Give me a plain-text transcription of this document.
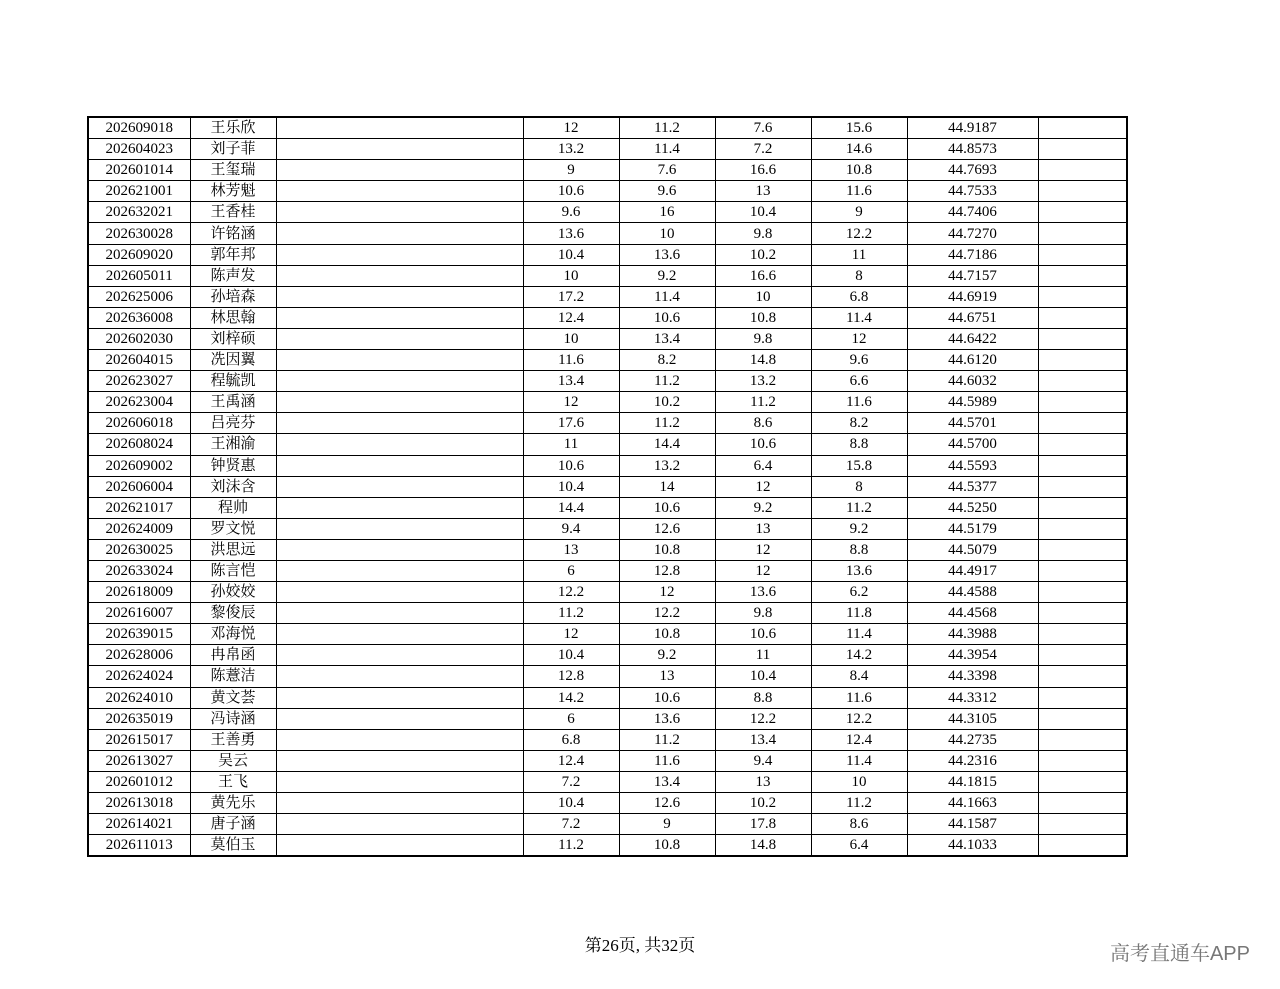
202609018	王乐欣		12	11.2	7.6	15.6	44.9187	
202604023	刘子菲		13.2	11.4	7.2	14.6	44.8573	
202601014	王玺瑞		9	7.6	16.6	10.8	44.7693	
202621001	林芳魁		10.6	9.6	13	11.6	44.7533	
202632021	王香桂		9.6	16	10.4	9	44.7406	
202630028	许铭涵		13.6	10	9.8	12.2	44.7270	
202609020	郭年邦		10.4	13.6	10.2	11	44.7186	
202605011	陈声发		10	9.2	16.6	8	44.7157	
202625006	孙培森		17.2	11.4	10	6.8	44.6919	
202636008	林思翰		12.4	10.6	10.8	11.4	44.6751	
202602030	刘梓硕		10	13.4	9.8	12	44.6422	
202604015	冼因翼		11.6	8.2	14.8	9.6	44.6120	
202623027	程毓凯		13.4	11.2	13.2	6.6	44.6032	
202623004	王禹涵		12	10.2	11.2	11.6	44.5989	
202606018	吕亮芬		17.6	11.2	8.6	8.2	44.5701	
202608024	王湘渝		11	14.4	10.6	8.8	44.5700	
202609002	钟贤惠		10.6	13.2	6.4	15.8	44.5593	
202606004	刘沫含		10.4	14	12	8	44.5377	
202621017	程帅		14.4	10.6	9.2	11.2	44.5250	
202624009	罗文悦		9.4	12.6	13	9.2	44.5179	
202630025	洪思远		13	10.8	12	8.8	44.5079	
202633024	陈言恺		6	12.8	12	13.6	44.4917	
202618009	孙姣姣		12.2	12	13.6	6.2	44.4588	
202616007	黎俊辰		11.2	12.2	9.8	11.8	44.4568	
202639015	邓海悦		12	10.8	10.6	11.4	44.3988	
202628006	冉帛函		10.4	9.2	11	14.2	44.3954	
202624024	陈薏洁		12.8	13	10.4	8.4	44.3398	
202624010	黄文荟		14.2	10.6	8.8	11.6	44.3312	
202635019	冯诗涵		6	13.6	12.2	12.2	44.3105	
202615017	王善勇		6.8	11.2	13.4	12.4	44.2735	
202613027	吴云		12.4	11.6	9.4	11.4	44.2316	
202601012	王飞		7.2	13.4	13	10	44.1815	
202613018	黄先乐		10.4	12.6	10.2	11.2	44.1663	
202614021	唐子涵		7.2	9	17.8	8.6	44.1587	
202611013	莫伯玉		11.2	10.8	14.8	6.4	44.1033	
第26页, 共32页	高考直通车APP
